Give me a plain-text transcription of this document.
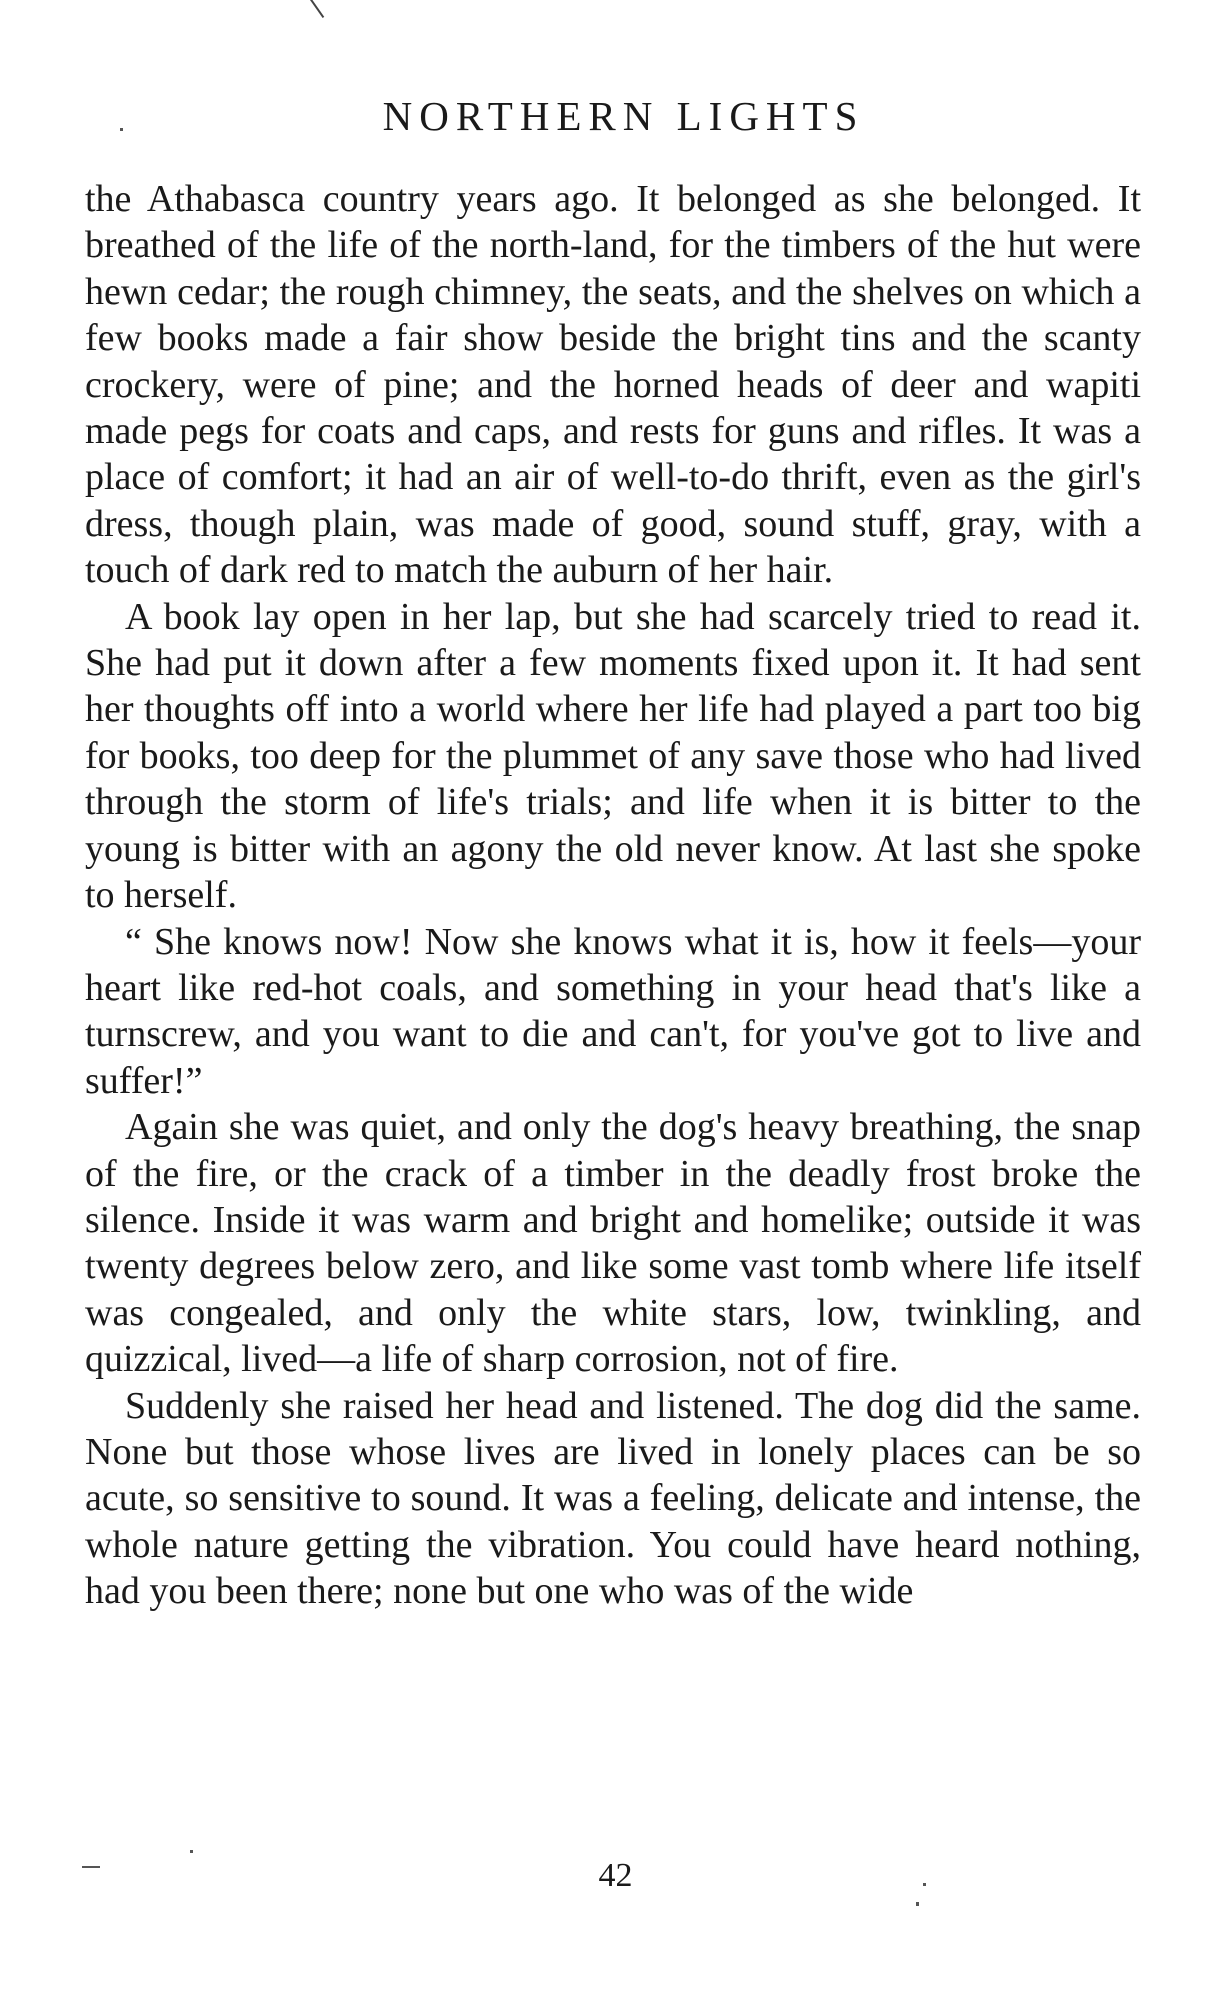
NORTHERN LIGHTS

the Athabasca country years ago. It belonged as she belonged. It breathed of the life of the north-land, for the timbers of the hut were hewn cedar; the rough chimney, the seats, and the shelves on which a few books made a fair show beside the bright tins and the scanty crockery, were of pine; and the horned heads of deer and wapiti made pegs for coats and caps, and rests for guns and rifles. It was a place of comfort; it had an air of well-to-do thrift, even as the girl's dress, though plain, was made of good, sound stuff, gray, with a touch of dark red to match the auburn of her hair.

A book lay open in her lap, but she had scarcely tried to read it. She had put it down after a few moments fixed upon it. It had sent her thoughts off into a world where her life had played a part too big for books, too deep for the plummet of any save those who had lived through the storm of life's trials; and life when it is bitter to the young is bitter with an agony the old never know. At last she spoke to herself.

“ She knows now! Now she knows what it is, how it feels—your heart like red-hot coals, and something in your head that's like a turnscrew, and you want to die and can't, for you've got to live and suffer!”

Again she was quiet, and only the dog's heavy breathing, the snap of the fire, or the crack of a timber in the deadly frost broke the silence. Inside it was warm and bright and homelike; outside it was twenty degrees below zero, and like some vast tomb where life itself was congealed, and only the white stars, low, twinkling, and quizzical, lived—a life of sharp corrosion, not of fire.

Suddenly she raised her head and listened. The dog did the same. None but those whose lives are lived in lonely places can be so acute, so sensitive to sound. It was a feeling, delicate and intense, the whole nature getting the vibration. You could have heard nothing, had you been there; none but one who was of the wide

42
